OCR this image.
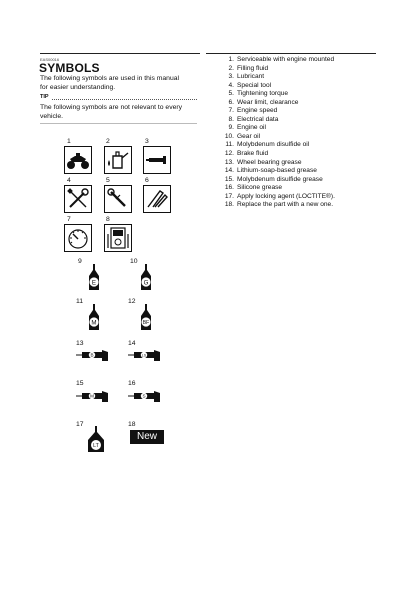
EAS00016
SYMBOLS
The following symbols are used in this manual
for easier understanding.
TIP
The following symbols are not relevant to every
vehicle.
1. Serviceable with engine mounted
2. Filling fluid
3. Lubricant
4. Special tool
5. Tightening torque
6. Wear limit, clearance
7. Engine speed
8. Electrical data
9. Engine oil
10. Gear oil
11. Molybdenum disulfide oil
12. Brake fluid
13. Wheel bearing grease
14. Lithium-soap-based grease
15. Molybdenum disulfide grease
16. Silicone grease
17. Apply locking agent (LOCTITE®).
18. Replace the part with a new one.
1	2	3
4	5	6
7	8
9	10
11	12
13	14
15	16
17	18
E	G
M	BF
B	LS
M	S
LT
New
